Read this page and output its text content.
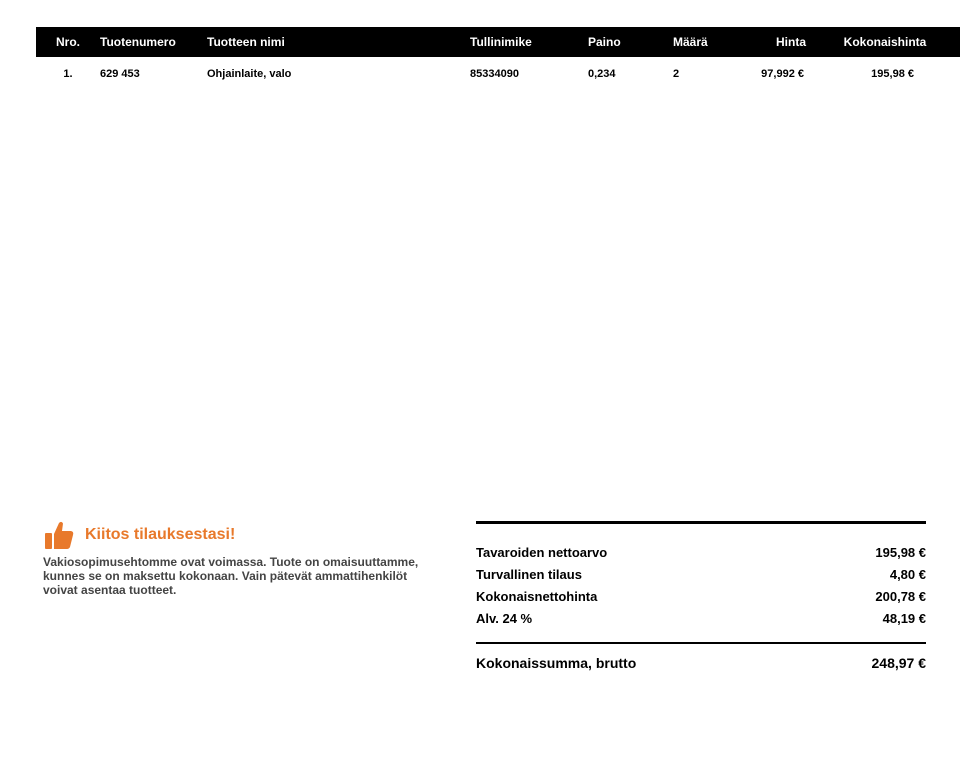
Nro.	Tuotenumero	Tuotteen nimi	Tullinimike	Paino	Määrä	Hinta	Kokonaishinta
1.	629 453	Ohjainlaite, valo	85334090	0,234	2	97,992 €	195,98 €
Kiitos tilauksestasi!
Vakiosopimusehtomme ovat voimassa. Tuote on omaisuuttamme, kunnes se on maksettu kokonaan. Vain pätevät ammattihenkilöt voivat asentaa tuotteet.
Tavaroiden nettoarvo	195,98 €
Turvallinen tilaus	4,80 €
Kokonaisnettohinta	200,78 €
Alv. 24 %	48,19 €
Kokonaissumma, brutto	248,97 €
